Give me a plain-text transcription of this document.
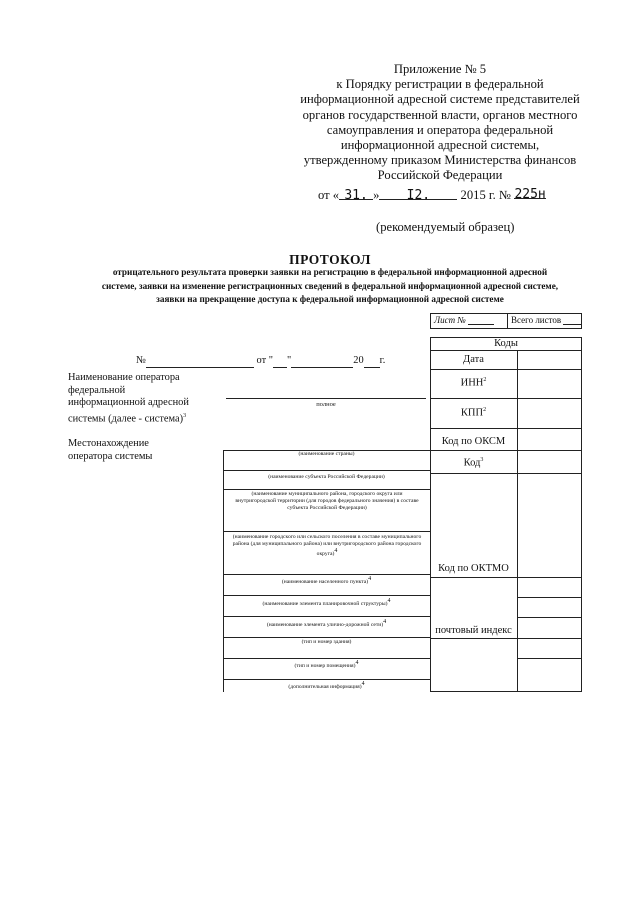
Приложение № 5
к Порядку регистрации в федеральной
информационной адресной системе представителей
органов государственной власти, органов местного
самоуправления и оператора федеральной
информационной адресной системы,
утвержденному приказом Министерства финансов
Российской Федерации
от « 31. » I2. 2015 г. № 225н
(рекомендуемый образец)
ПРОТОКОЛ
отрицательного результата проверки заявки на регистрацию в федеральной информационной адресной
системе, заявки на изменение регистрационных сведений в федеральной информационной адресной системе,
заявки на прекращение доступа к федеральной информационной адресной системе
Лист №	Всего листов
Коды
Дата
ИНН$^2$
КПП$^2$
Код по ОКСМ
Код$^3$
Код по ОКТМО
почтовый индекс
№	от " "	20 г.
Наименование оператора федеральной информационной адресной системы (далее - система)$^3$
Местонахождение оператора системы
полное
(наименование страны)
(наименование субъекта Российской Федерации)
(наименование муниципального района, городского округа или внутригородской территории (для городов федерального значения) в составе субъекта Российской Федерации)
(наименование городского или сельского поселения в составе муниципального района (для муниципального района) или внутригородского района городского округа)$^4$
(наименование населенного пункта)$^4$
(наименование элемента планировочной структуры)$^4$
(наименование элемента улично-дорожной сети)$^4$
(тип и номер здания)
(тип и номер помещения)$^4$
(дополнительная информация)$^4$
